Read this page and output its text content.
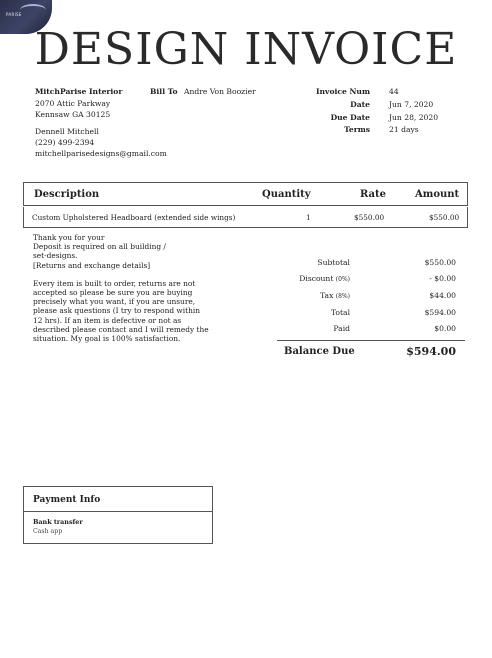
PARISE
DESIGN INVOICE
MitchParise Interior
2070 Attic Parkway
Kennsaw GA 30125
Dennell Mitchell
(229) 499-2394
mitchellparisedesigns@gmail.com
Bill To Andre Von Boozier	Invoice Num	44
Date	Jun 7, 2020
Due Date	Jun 28, 2020
Terms	21 days
Description	Quantity	Rate	Amount
Custom Upholstered Headboard (extended side wings)	1	$550.00	$550.00
Thank you for your
Deposit is required on all building /
set-designs.
[Returns and exchange details]
Every item is built to order, returns are not
accepted so please be sure you are buying
precisely what you want, if you are unsure,
please ask questions (I try to respond within
12 hrs). If an item is defective or not as
described please contact and I will remedy the
situation. My goal is 100% satisfaction.
Subtotal	$550.00
Discount (0%)	- $0.00
Tax (8%)	$44.00
Total	$594.00
Paid	$0.00
Balance Due	$594.00
Payment Info
Bank transfer
Cash app
